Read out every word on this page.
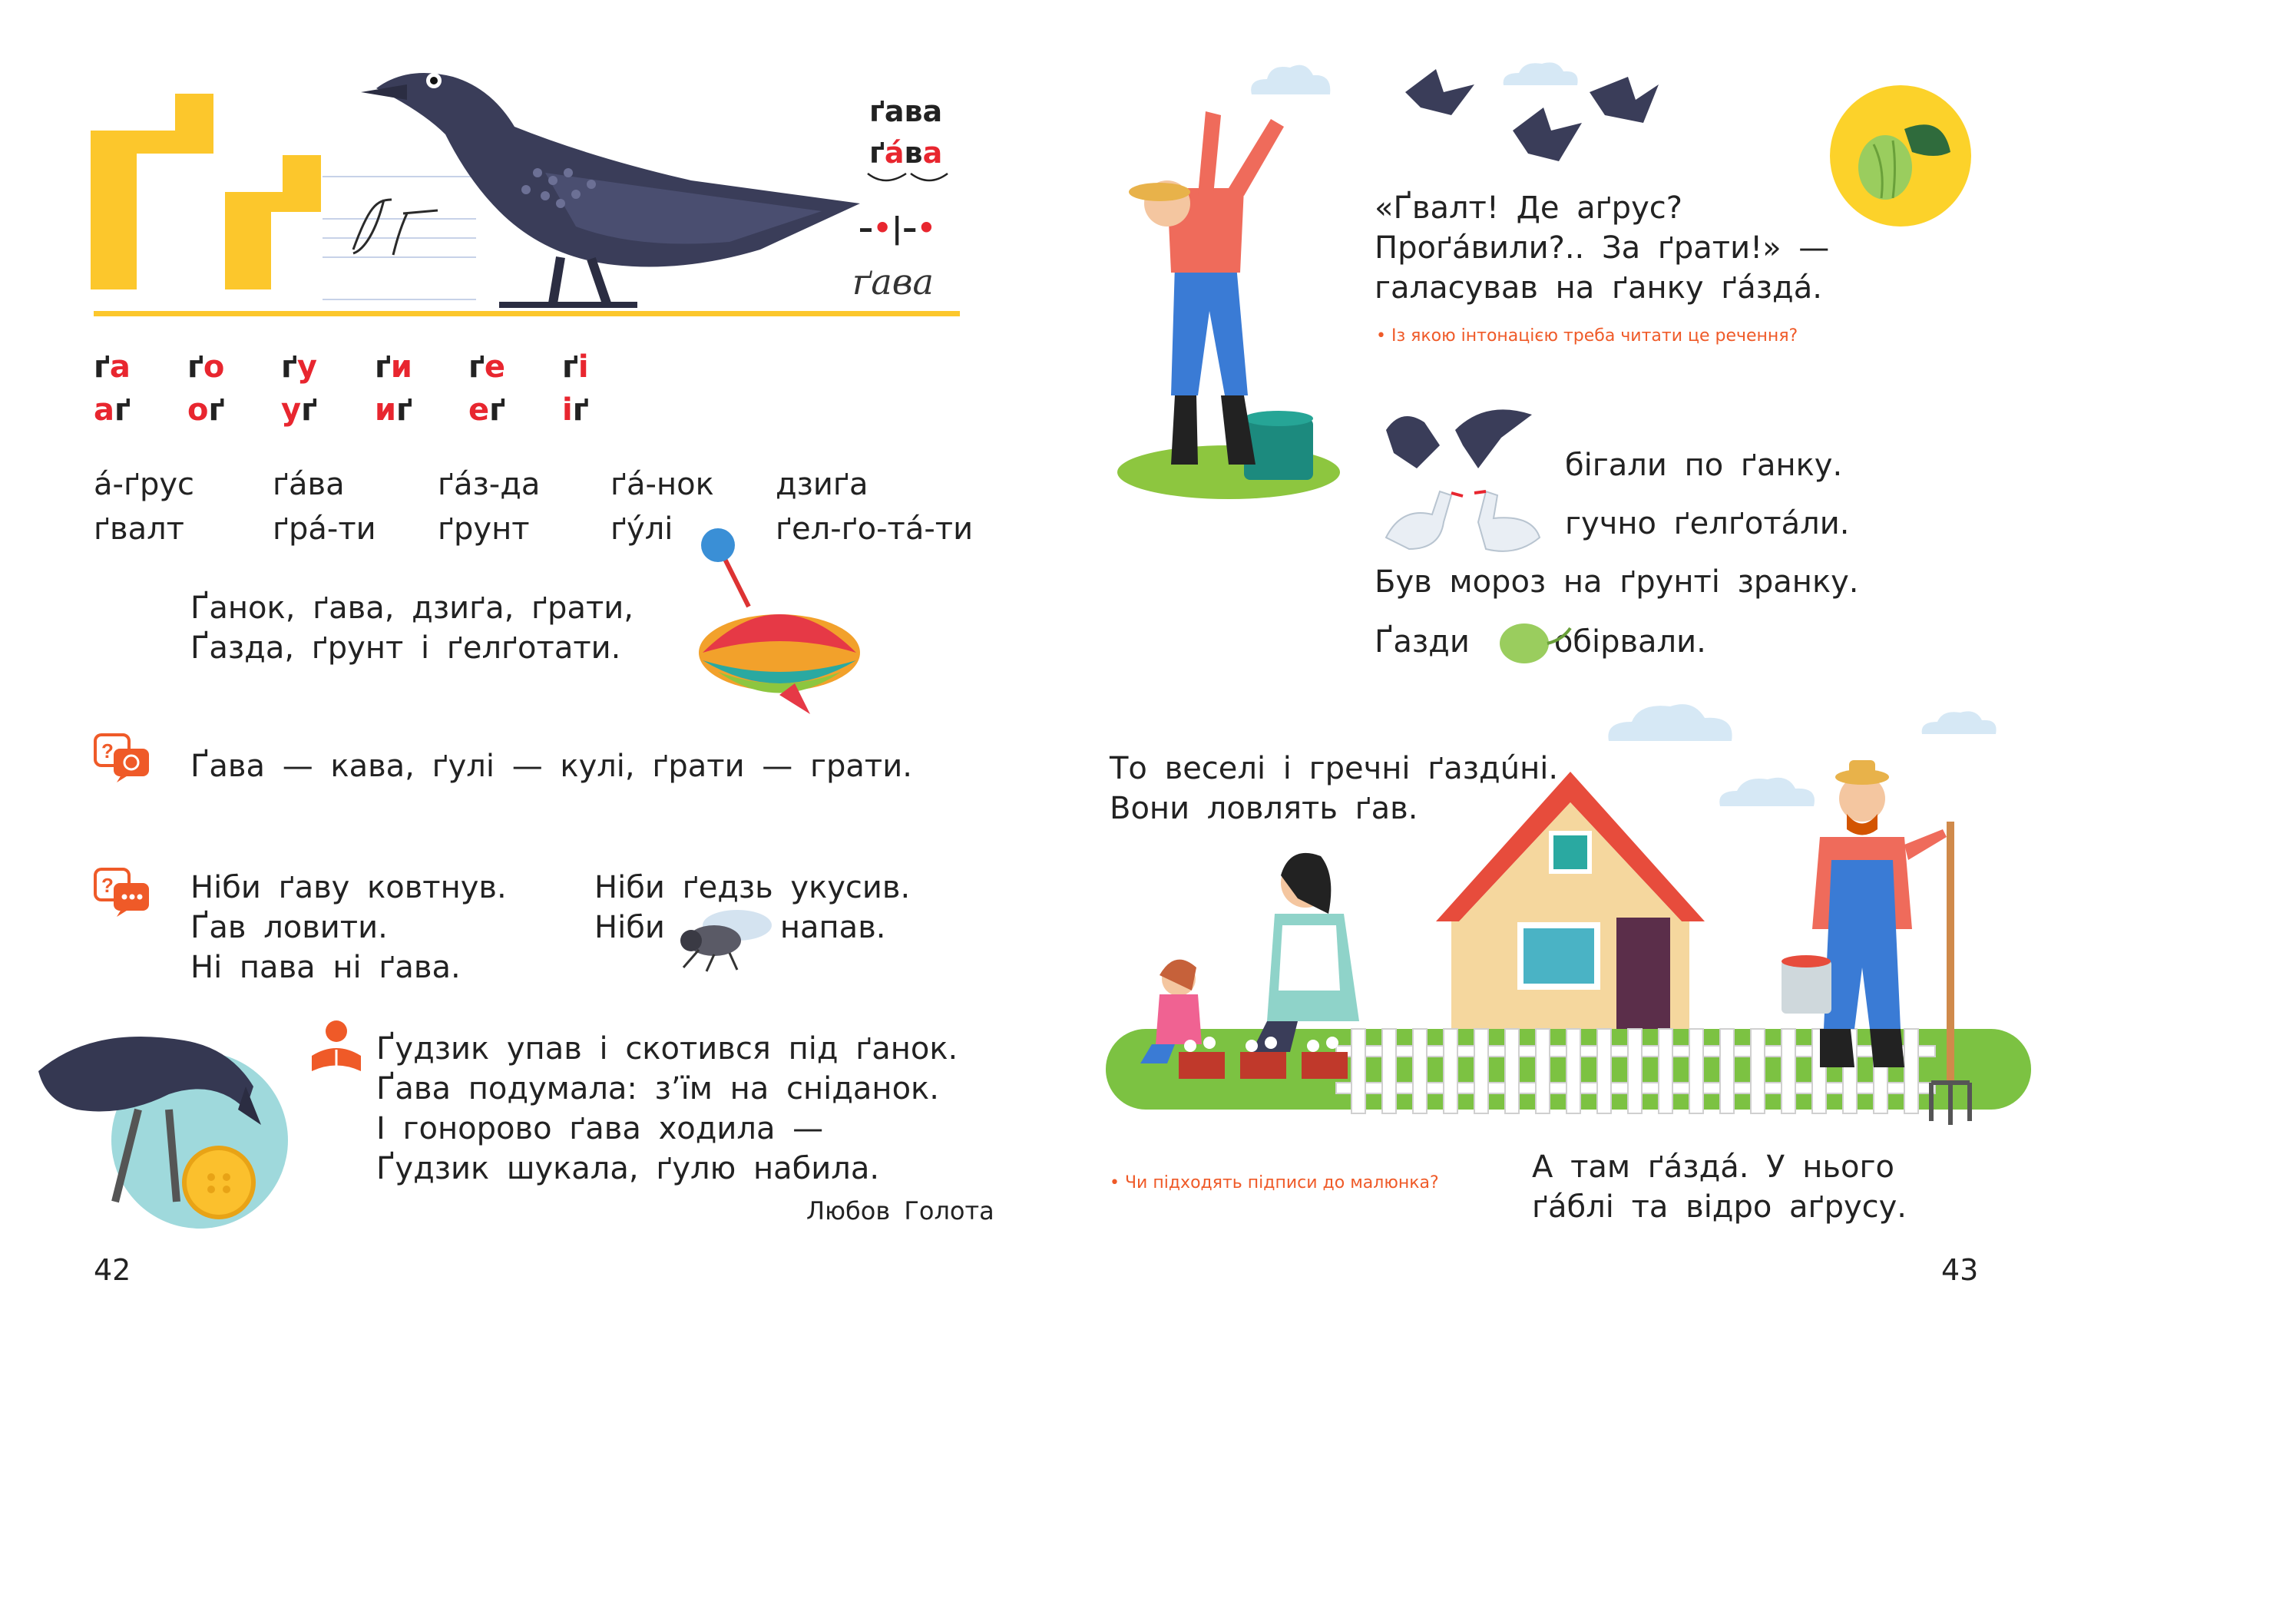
ґава
ґáва
–•|–•
ґава
ґа	ґо	ґу	ґи	ґе	ґі
аґ	оґ	уґ	иґ	еґ	іґ
á-ґрус	ґáва	ґáз-да	ґá-нок	дзиґа
ґвалт	ґрá-ти	ґрунт	ґýлі	ґел-ґо-тá-ти
Ґанок, ґава, дзиґа, ґрати,
Ґазда, ґрунт і ґелґотати.
?	Ґава — кава, ґулі — кулі, ґрати — грати.
?	Ніби ґаву ковтнув.
Ґав ловити.
Ні пава ні ґава.
Ніби ґедзь укусив.
Ніби	напав.
Ґудзик упав і скотився під ґанок.
Ґава подумала: з’їм на сніданок.
І гоноровo ґава ходила —
Ґудзик шукала, ґулю набила.
Любов Голота
42
«Ґвалт! Де аґрус?
Проґáвили?.. За ґрати!» —
галасував на ґанку ґáздá.
• Із якою інтонацією треба читати це речення?
бігали по ґанку.
гучно ґелґотáли.
Був мороз на ґрунті зранку.
Ґазди	обірвали.
То веселі і гречні ґаздúні.
Вони ловлять ґав.
• Чи підходять підписи до малюнка?	А там ґáздá. У нього
ґáблі та відро аґрусу.
43
